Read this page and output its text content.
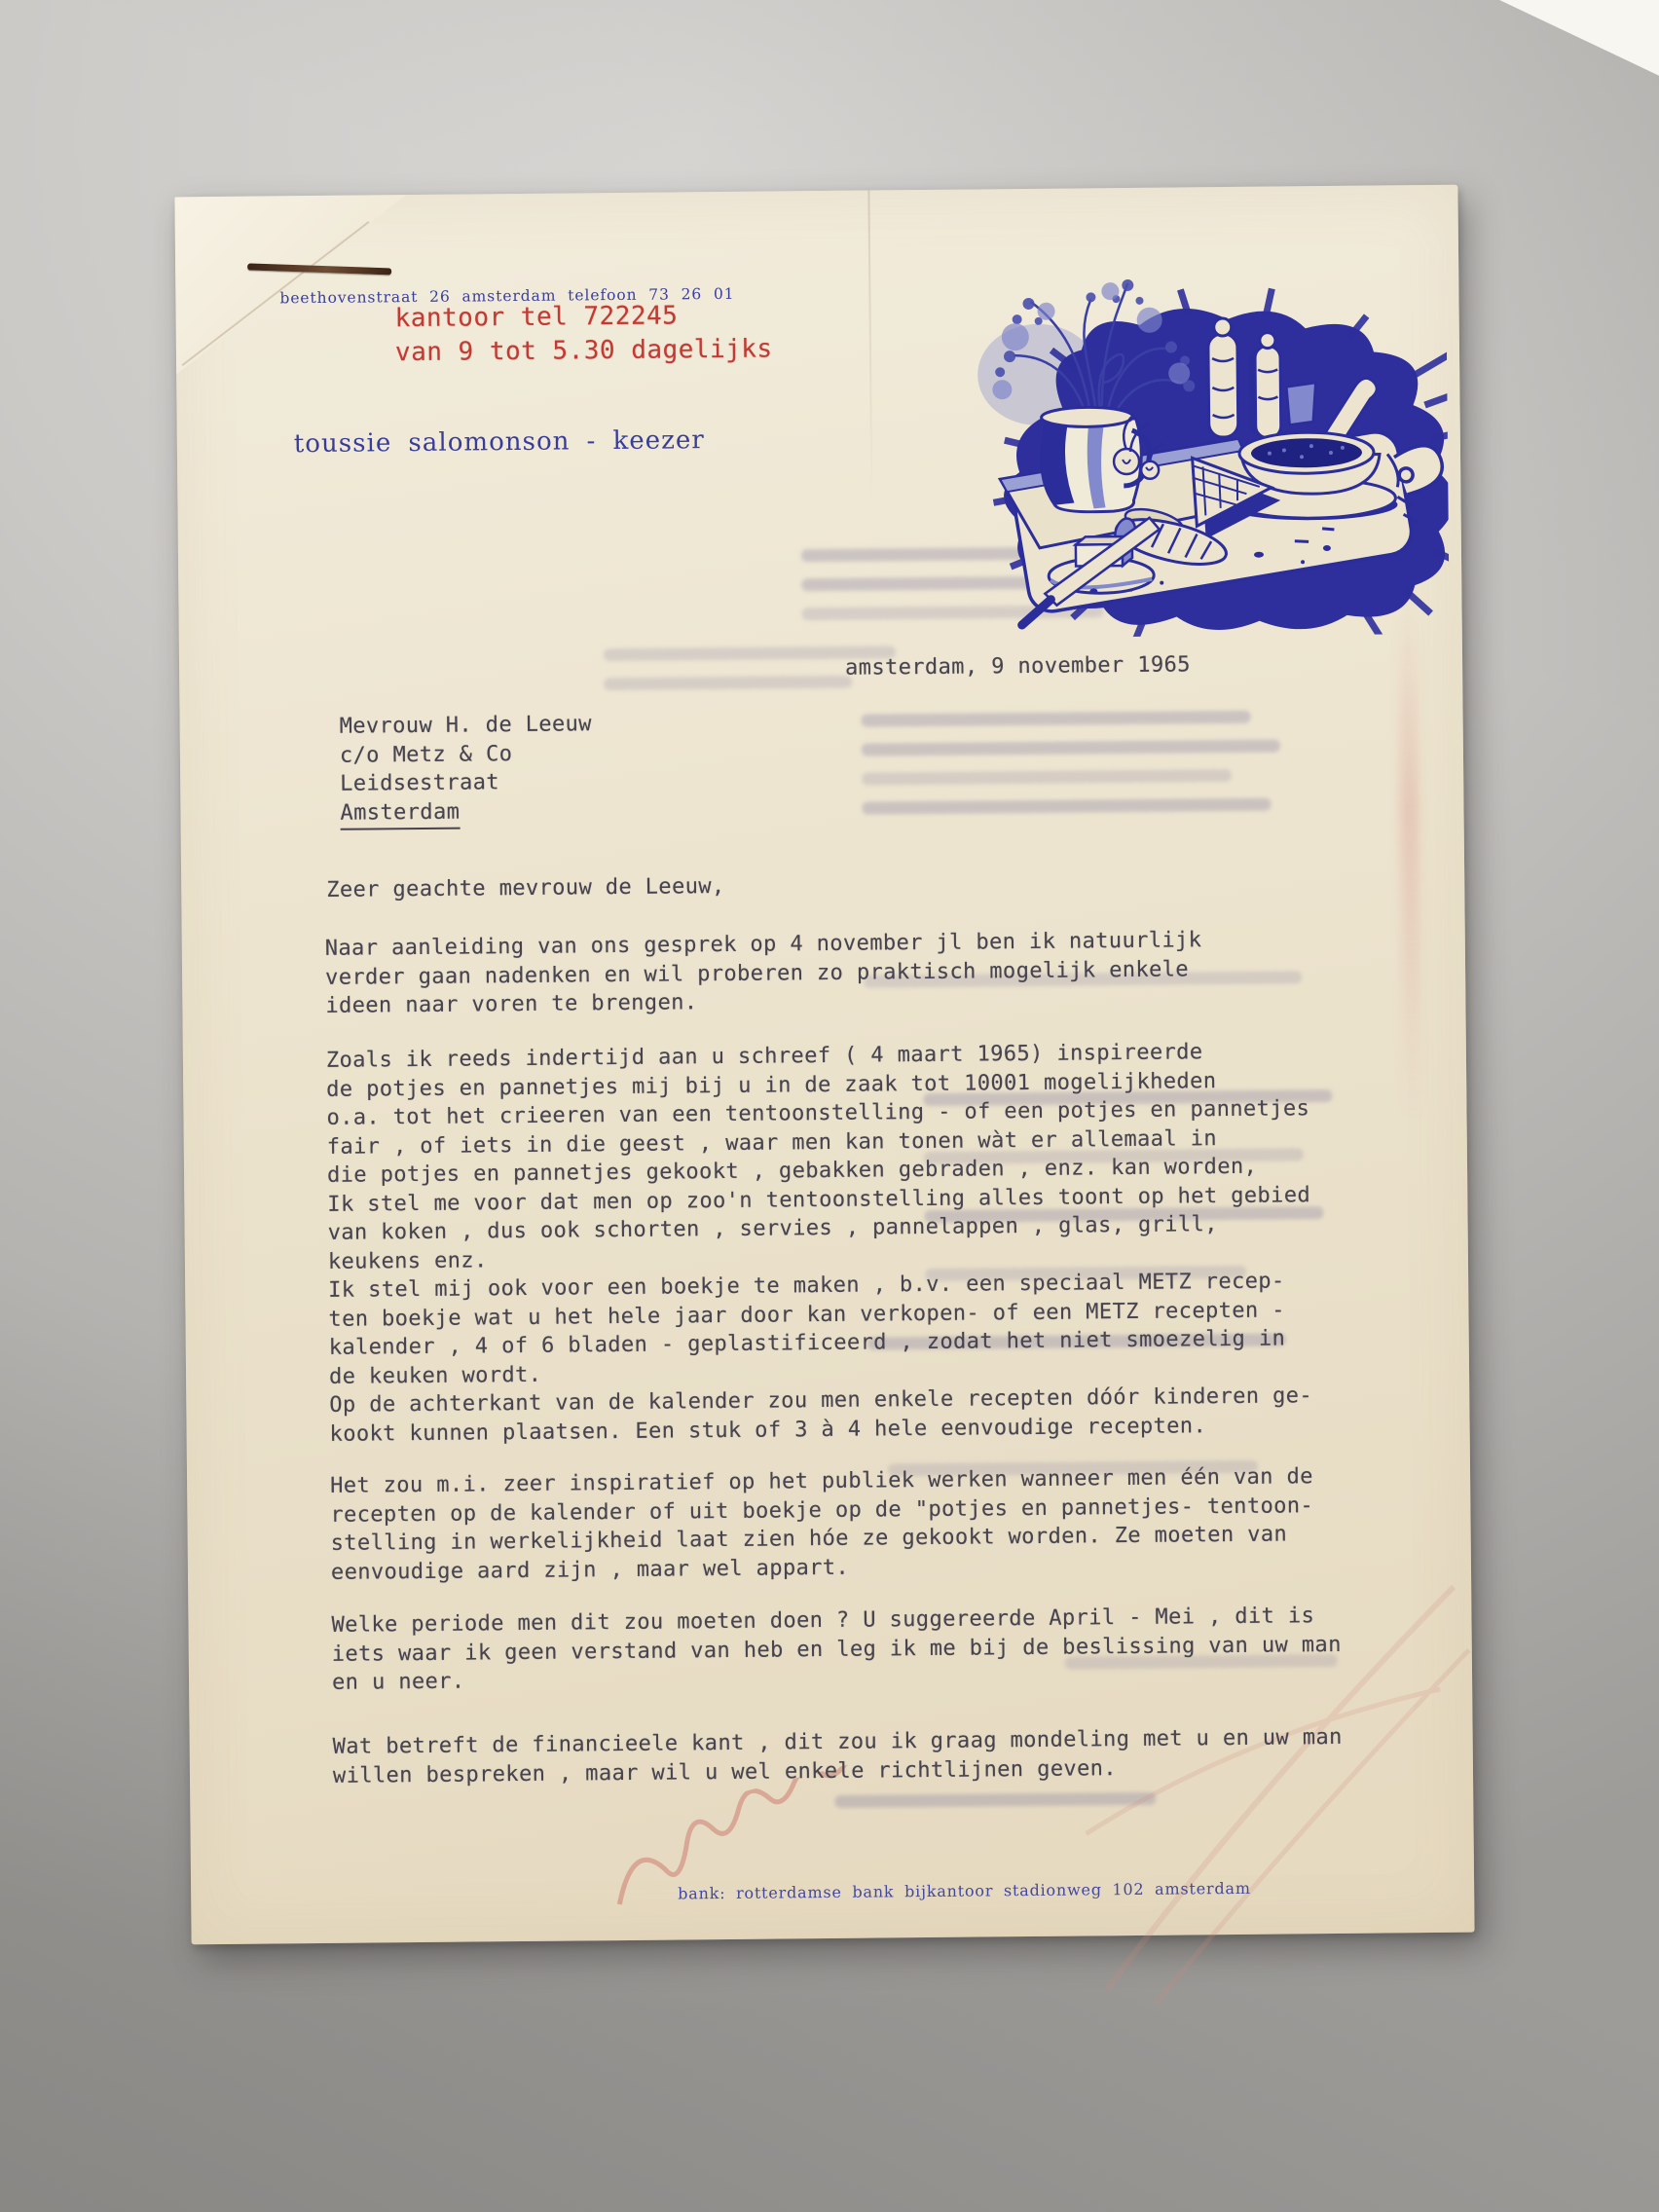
beethovenstraat 26 amsterdam telefoon 73 26 01
kantoor tel 722245
van 9 tot 5.30 dagelijks
toussie salomonson - keezer
amsterdam, 9 november 1965
Mevrouw H. de Leeuw
c/o Metz & Co
Leidsestraat
Amsterdam
Zeer geachte mevrouw de Leeuw,
Naar aanleiding van ons gesprek op 4 november jl ben ik natuurlijk
verder gaan nadenken en wil proberen zo praktisch mogelijk enkele
ideen naar voren te brengen.
Zoals ik reeds indertijd aan u schreef ( 4 maart 1965) inspireerde
de potjes en pannetjes mij bij u in de zaak tot 10001 mogelijkheden
o.a. tot het crieeren van een tentoonstelling - of een potjes en pannetjes
fair , of iets in die geest , waar men kan tonen wàt er allemaal in
die potjes en pannetjes gekookt , gebakken gebraden , enz. kan worden,
Ik stel me voor dat men op zoo'n tentoonstelling alles toont op het gebied
van koken , dus ook schorten , servies , pannelappen , glas, grill,
keukens enz.
Ik stel mij ook voor een boekje te maken , b.v. een speciaal METZ recep-
ten boekje wat u het hele jaar door kan verkopen- of een METZ recepten -
kalender , 4 of 6 bladen - geplastificeerd , zodat het niet smoezelig in
de keuken wordt.
Op de achterkant van de kalender zou men enkele recepten dóór kinderen ge-
kookt kunnen plaatsen. Een stuk of 3 à 4 hele eenvoudige recepten.
Het zou m.i. zeer inspiratief op het publiek werken wanneer men één van de
recepten op de kalender of uit boekje op de "potjes en pannetjes- tentoon-
stelling in werkelijkheid laat zien hóe ze gekookt worden. Ze moeten van
eenvoudige aard zijn , maar wel appart.
Welke periode men dit zou moeten doen ? U suggereerde April - Mei , dit is
iets waar ik geen verstand van heb en leg ik me bij de beslissing van uw man
en u neer.
Wat betreft de financieele kant , dit zou ik graag mondeling met u en uw man
willen bespreken , maar wil u wel enkele richtlijnen geven.
bank: rotterdamse bank bijkantoor stadionweg 102 amsterdam
